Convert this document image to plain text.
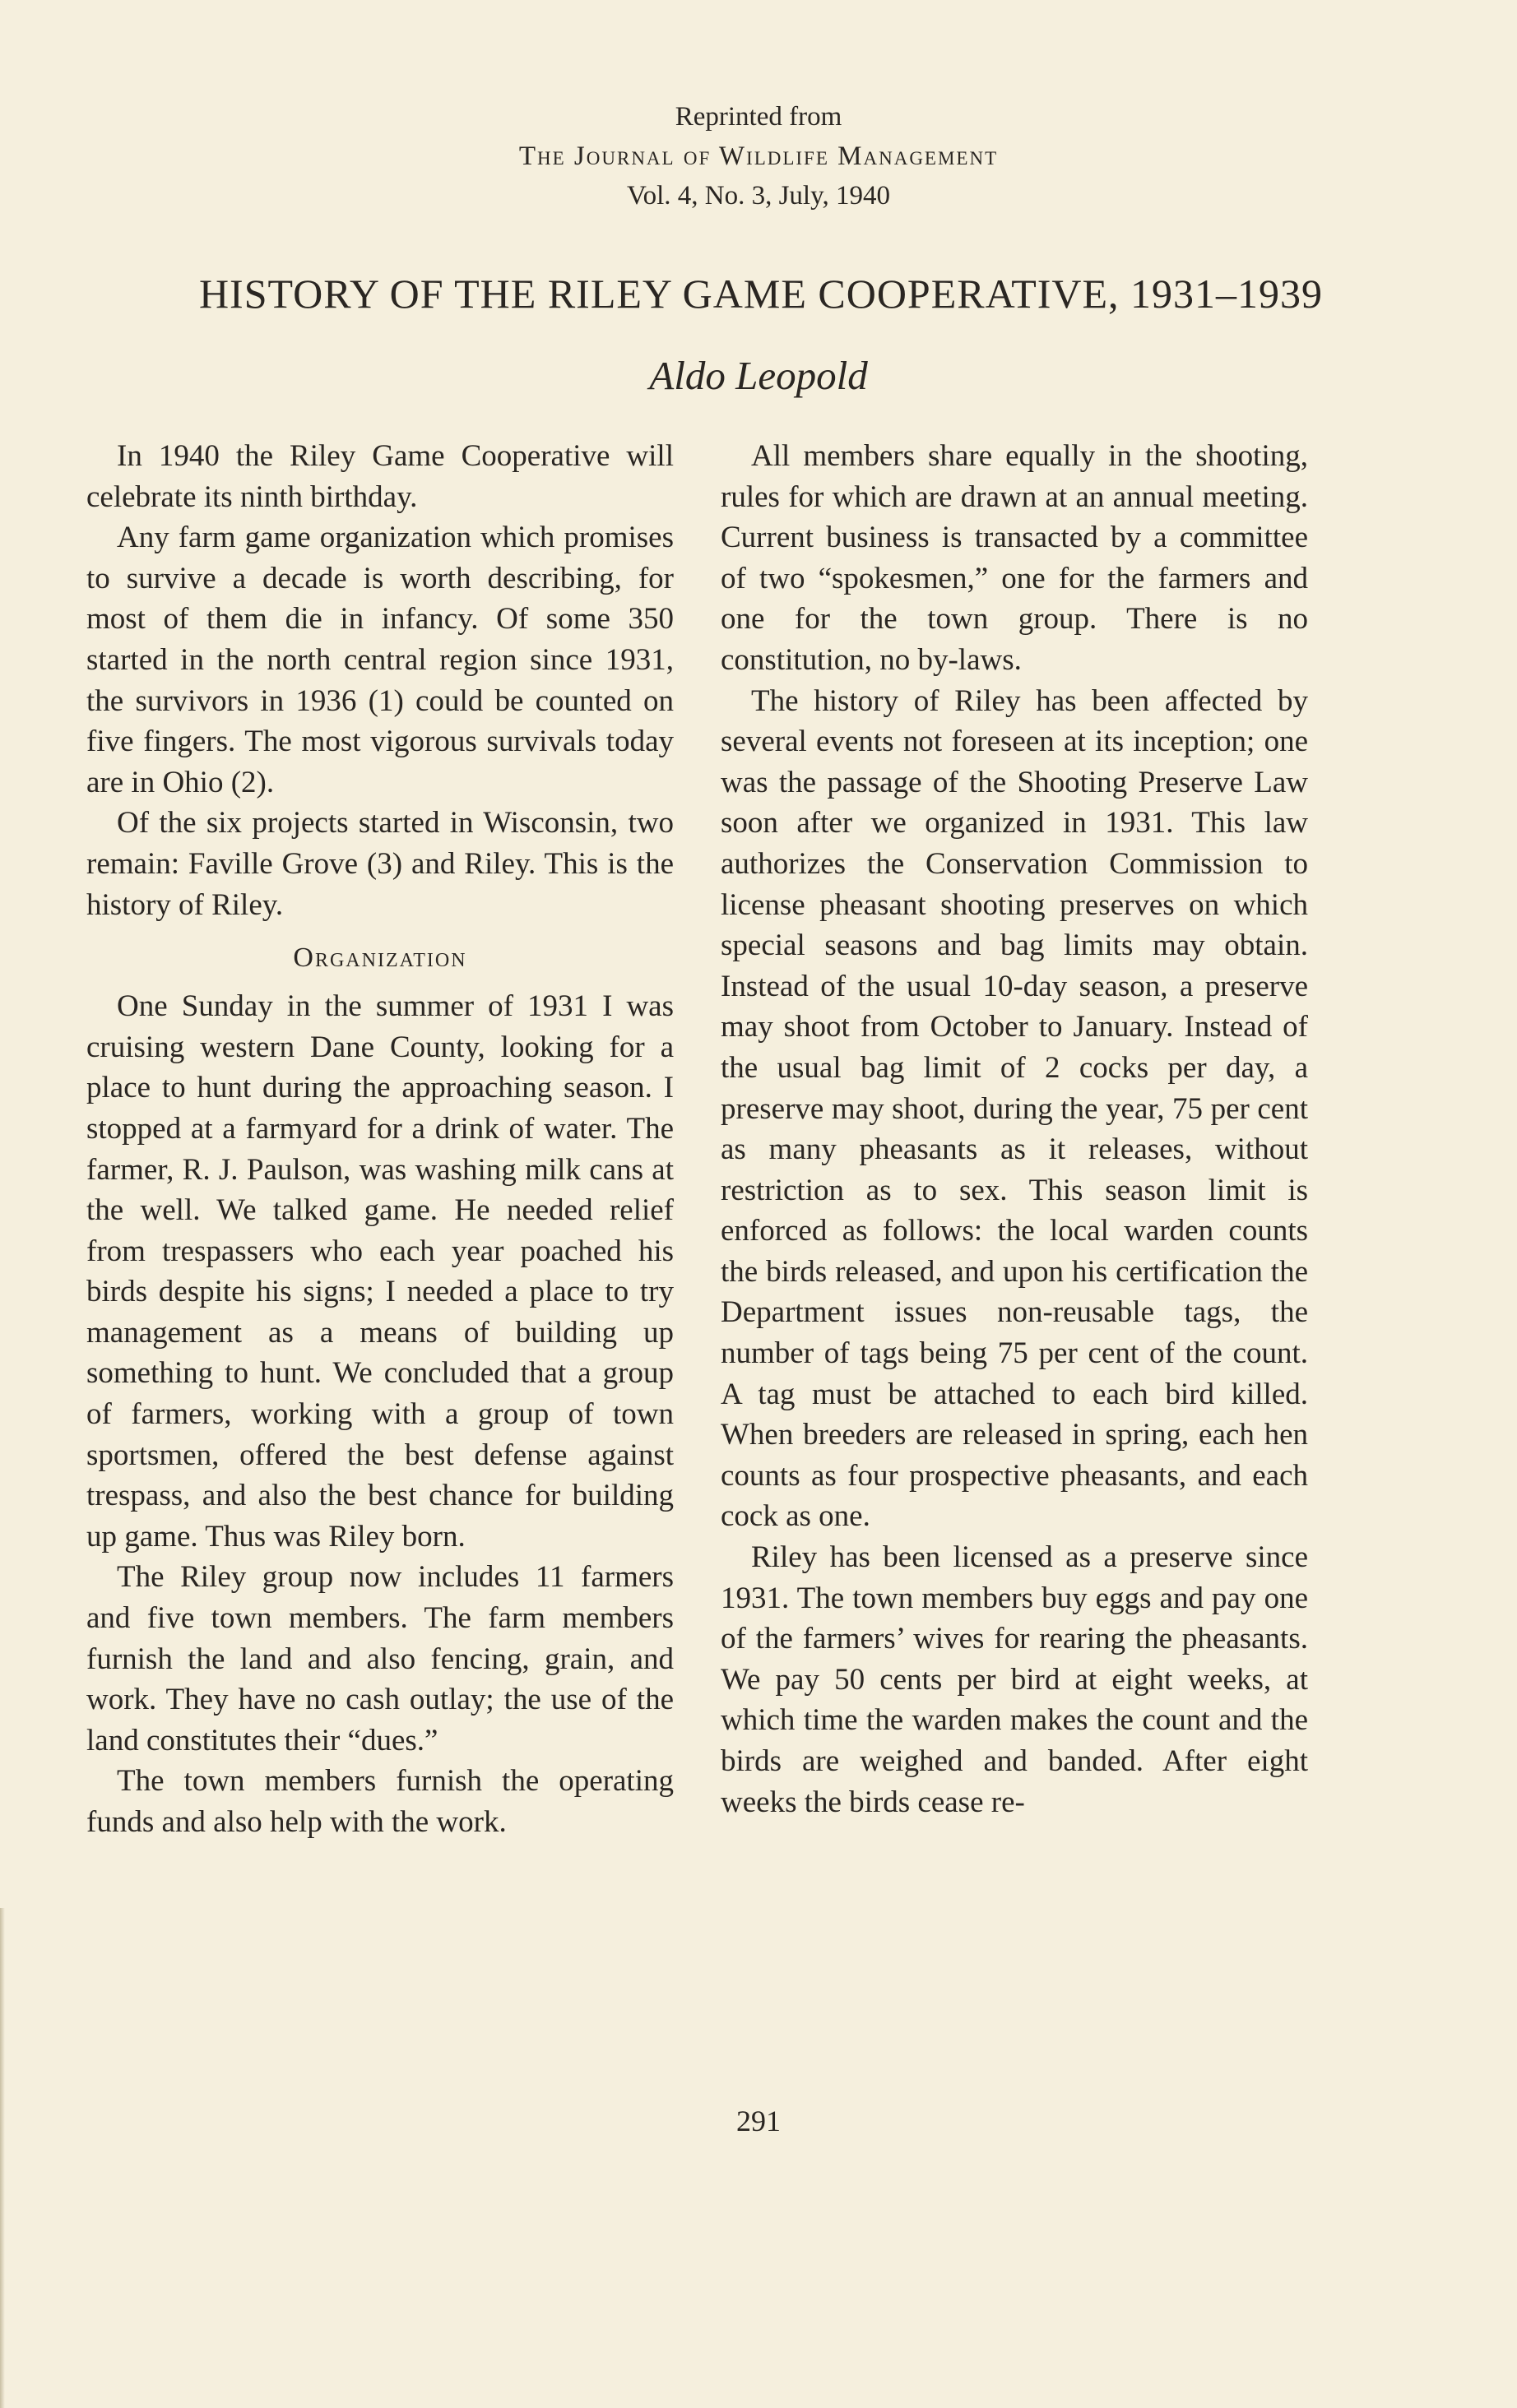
Reprinted from
The Journal of Wildlife Management
Vol. 4, No. 3, July, 1940
HISTORY OF THE RILEY GAME COOPERATIVE, 1931–1939
Aldo Leopold

In 1940 the Riley Game Cooperative will celebrate its ninth birthday.

Any farm game organization which promises to survive a decade is worth describing, for most of them die in infancy. Of some 350 started in the north central region since 1931, the survivors in 1936 (1) could be counted on five fingers. The most vigorous survivals today are in Ohio (2).

Of the six projects started in Wisconsin, two remain: Faville Grove (3) and Riley. This is the history of Riley.

Organization

One Sunday in the summer of 1931 I was cruising western Dane County, looking for a place to hunt during the approaching season. I stopped at a farmyard for a drink of water. The farmer, R. J. Paulson, was washing milk cans at the well. We talked game. He needed relief from trespassers who each year poached his birds despite his signs; I needed a place to try management as a means of building up something to hunt. We concluded that a group of farmers, working with a group of town sportsmen, offered the best defense against trespass, and also the best chance for building up game. Thus was Riley born.

The Riley group now includes 11 farmers and five town members. The farm members furnish the land and also fencing, grain, and work. They have no cash outlay; the use of the land constitutes their “dues.”

The town members furnish the operating funds and also help with the work.

All members share equally in the shooting, rules for which are drawn at an annual meeting. Current business is transacted by a committee of two “spokesmen,” one for the farmers and one for the town group. There is no constitution, no by-laws.

The history of Riley has been affected by several events not foreseen at its inception; one was the passage of the Shooting Preserve Law soon after we organized in 1931. This law authorizes the Conservation Commission to license pheasant shooting preserves on which special seasons and bag limits may obtain. Instead of the usual 10-day season, a preserve may shoot from October to January. Instead of the usual bag limit of 2 cocks per day, a preserve may shoot, during the year, 75 per cent as many pheasants as it releases, without restriction as to sex. This season limit is enforced as follows: the local warden counts the birds released, and upon his certification the Department issues non-reusable tags, the number of tags being 75 per cent of the count. A tag must be attached to each bird killed. When breeders are released in spring, each hen counts as four prospective pheasants, and each cock as one.

Riley has been licensed as a preserve since 1931. The town members buy eggs and pay one of the farmers’ wives for rearing the pheasants. We pay 50 cents per bird at eight weeks, at which time the warden makes the count and the birds are weighed and banded. After eight weeks the birds cease re-

291
